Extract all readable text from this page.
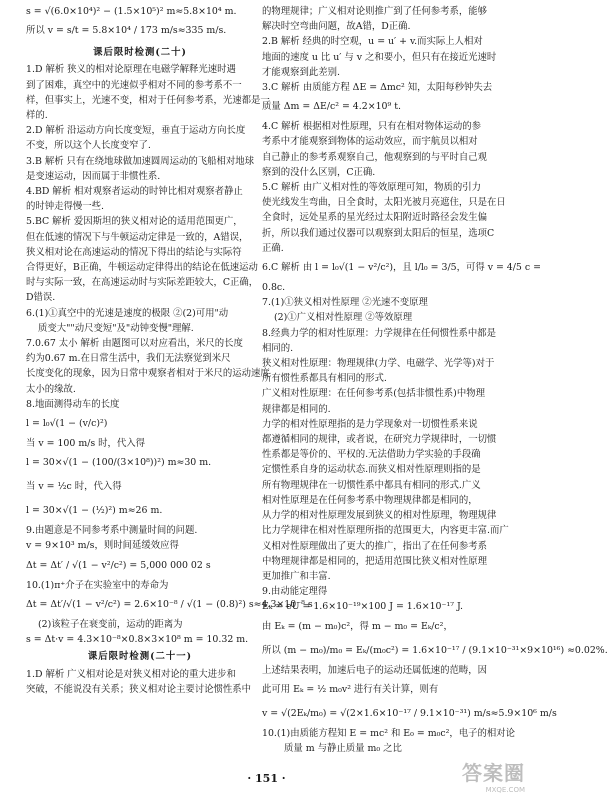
s = √(6.0×10⁴)² − (1.5×10⁵)² m≈5.8×10⁴ m.
所以 v = s/t = 5.8×10⁴ / 173 m/s≈335 m/s.
课后限时检测(二十)
1.D 解析 狭义的相对论原理在电磁学解释光速时遇
到了困难，真空中的光速似乎相对不同的参考系不一
样，但事实上，光速不变，相对于任何参考系，光速都是一
样的.
2.D 解析 沿运动方向长度变短，垂直于运动方向长度
不变，所以这个人长度变窄了.
3.B 解析 只有在绕地球做加速圆周运动的飞船相对地球
是变速运动，因而属于非惯性系.
4.BD 解析 相对观察者运动的时钟比相对观察者静止
的时钟走得慢一些.
5.BC 解析 爱因斯坦的狭义相对论的适用范围更广，
但在低速的情况下与牛顿运动定律是一致的，A错误，
狭义相对论在高速运动的情况下得出的结论与实际符
合得更好，B正确，牛顿运动定律得出的结论在低速运动
时与实际一致，在高速运动时与实际差距较大，C正确，
D错误.
6.(1)①真空中的光速是速度的极限 ②(2)可用"动
质变大""动尺变短"及"动钟变慢"理解.
7.0.67 太小 解析 由题图可以对应看出，米尺的长度
约为0.67 m.在日常生活中，我们无法察觉到米尺
长度变化的现象，因为日常中观察者相对于米尺的运动速度
太小的缘故.
8.地面测得动车的长度
l = l₀√(1 − (v/c)²)
当 v = 100 m/s 时，代入得
l = 30×√(1 − (100/(3×10⁸))²) m≈30 m.
当 v = ½c 时，代入得
l = 30×√(1 − (½)²) m≈26 m.
9.由题意是不同参考系中测量时间的问题.
v = 9×10³ m/s，则时间延缓效应得
Δt = Δt′ / √(1 − v²/c²) = 5,000 000 02 s
10.(1)π⁺介子在实验室中的寿命为
Δt = Δt′/√(1 − v²/c²) = 2.6×10⁻⁸ / √(1 − (0.8)²) s≈4.3×10⁻⁸ s
(2)该粒子在衰变前，运动的距离为
s = Δt·v = 4.3×10⁻⁸×0.8×3×10⁸ m = 10.32 m.
课后限时检测(二十一)
1.D 解析 广义相对论是对狭义相对论的重大进步和
突破，不能说没有关系；狭义相对论主要讨论惯性系中
的物理规律；广义相对论则推广到了任何参考系，能够
解决时空弯曲问题，故A错，D正确.
2.B 解析 经典的时空观，u = u′ + v.而实际上人相对
地面的速度 u 比 u′ 与 v 之和要小，但只有在接近光速时
才能观察到此差别.
3.C 解析 由质能方程 ΔE = Δmc² 知，太阳每秒钟失去
质量 Δm = ΔE/c² = 4.2×10⁹ t.
4.C 解析 根据相对性原理，只有在相对物体运动的参
考系中才能观察到物体的运动效应，而宇航员以相对
自己静止的参考系观察自己，他观察到的与平时自己观
察到的没什么区别，C正确.
5.C 解析 由广义相对性的等效原理可知，物质的引力
使光线发生弯曲，日全食时，太阳光被月亮遮住，只是在日
全食时，远处星系的星光经过太阳附近时路径会发生偏
折，所以我们通过仪器可以观察到太阳后的恒星，选项C
正确.
6.C 解析 由 l = l₀√(1 − v²/c²)，且 l/l₀ = 3/5，可得 v = 4/5 c =
0.8c.
7.(1)①狭义相对性原理 ②光速不变原理
(2)①广义相对性原理 ②等效原理
8.经典力学的相对性原理：力学规律在任何惯性系中都是
相同的.
狭义相对性原理：物理规律(力学、电磁学、光学等)对于
所有惯性系都具有相同的形式.
广义相对性原理：在任何参考系(包括非惯性系)中物理
规律都是相同的.
力学的相对性原理指的是力学现象对一切惯性系来说
都遵循相同的规律，或者说，在研究力学规律时，一切惯
性系都是等价的、平权的.无法借助力学实验的手段确
定惯性系自身的运动状态.而狭义相对性原理则指的是
所有物理规律在一切惯性系中都具有相同的形式.广义
相对性原理是在任何参考系中物理规律都是相同的，
从力学的相对性原理发展到狭义的相对性原理，物理规律
比力学规律在相对性原理所指的范围更大，内容更丰富.而广
义相对性原理做出了更大的推广，指出了在任何参考系
中物理规律都是相同的，把适用范围比狭义相对性原理
更加推广和丰富.
9.由动能定理得
Eₖ = eU = 1.6×10⁻¹⁹×100 J = 1.6×10⁻¹⁷ J.
由 Eₖ = (m − m₀)c²，得 m − m₀ = Eₖ/c²，
所以 (m − m₀)/m₀ = Eₖ/(m₀c²) = 1.6×10⁻¹⁷ / (9.1×10⁻³¹×9×10¹⁶) ≈0.02%.
上述结果表明，加速后电子的运动还属低速的范畴，因
此可用 Eₖ = ½ m₀v² 进行有关计算，则有
v = √(2Eₖ/m₀) = √(2×1.6×10⁻¹⁷ / 9.1×10⁻³¹) m/s≈5.9×10⁶ m/s
10.(1)由质能方程知 E = mc² 和 E₀ = m₀c²，电子的相对论
质量 m 与静止质量 m₀ 之比
· 151 ·	答案圈
MXQE.COM
